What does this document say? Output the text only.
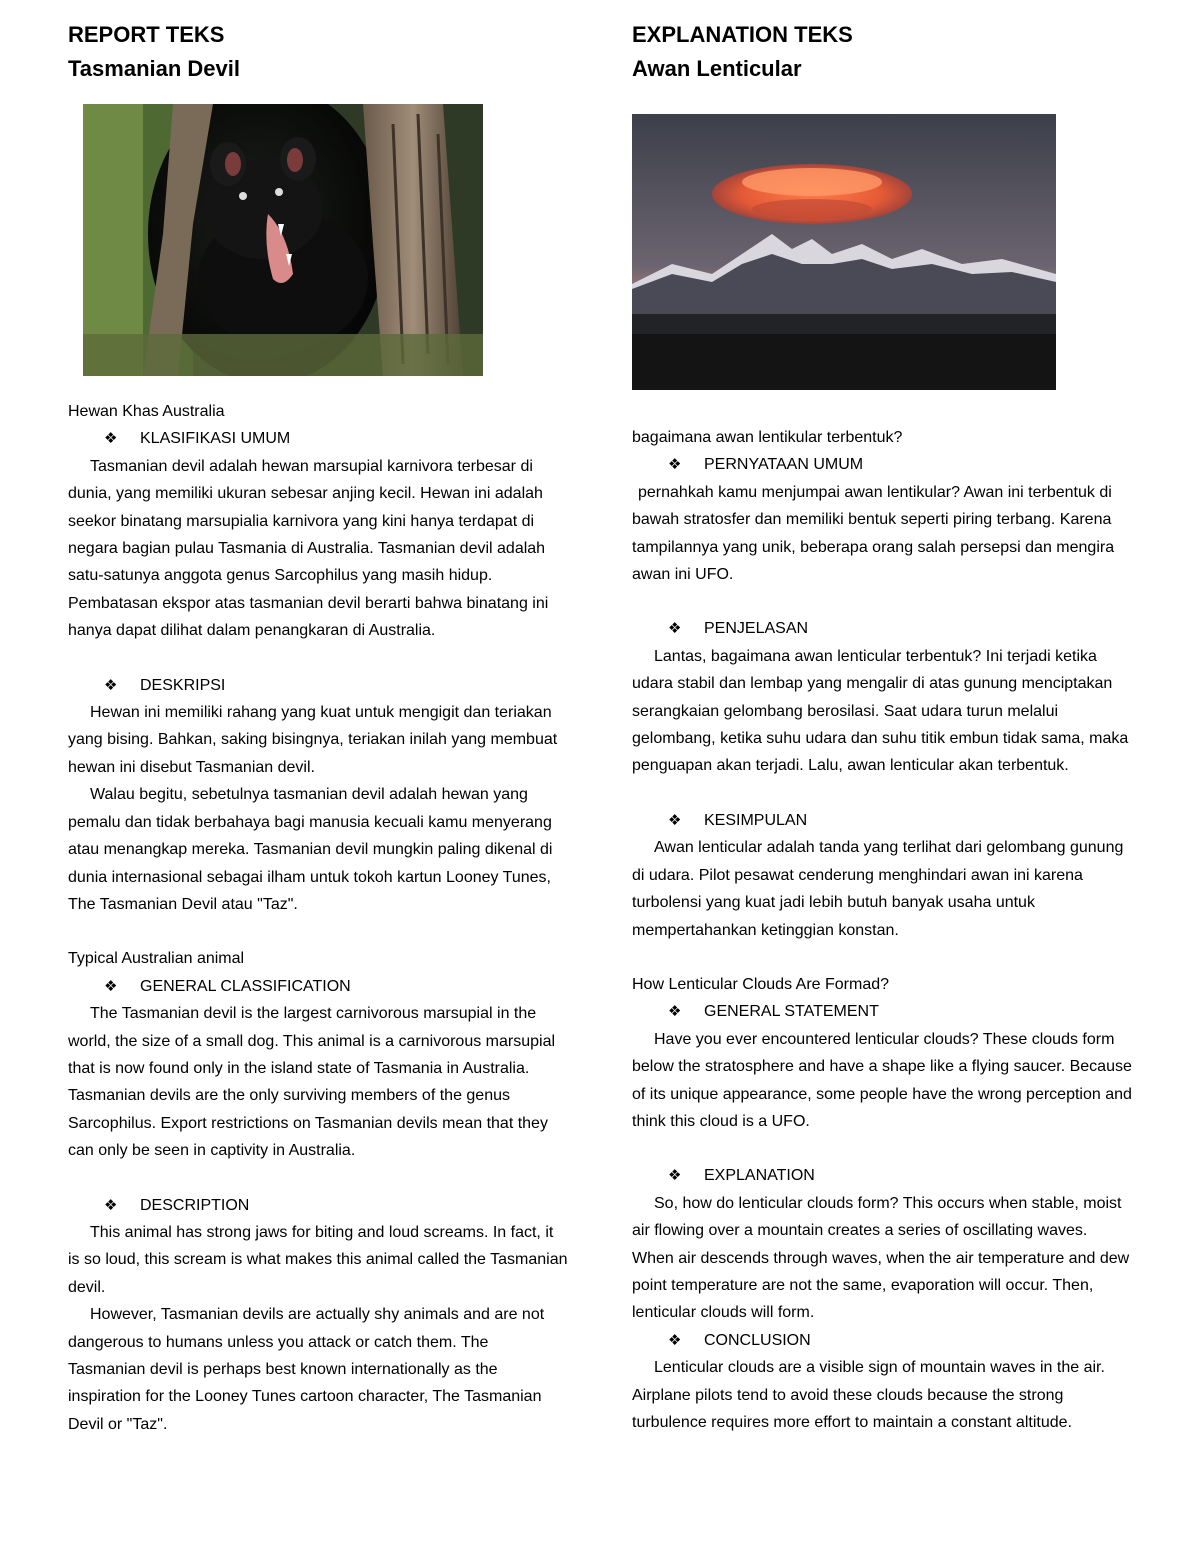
REPORT TEKS
Tasmanian Devil

Hewan Khas Australia

❖ KLASIFIKASI UMUM

Tasmanian devil adalah hewan marsupial karnivora terbesar di dunia, yang memiliki ukuran sebesar anjing kecil. Hewan ini adalah seekor binatang marsupialia karnivora yang kini hanya terdapat di negara bagian pulau Tasmania di Australia. Tasmanian devil adalah satu-satunya anggota genus Sarcophilus yang masih hidup. Pembatasan ekspor atas tasmanian devil berarti bahwa binatang ini hanya dapat dilihat dalam penangkaran di Australia.

❖ DESKRIPSI

Hewan ini memiliki rahang yang kuat untuk mengigit dan teriakan yang bising. Bahkan, saking bisingnya, teriakan inilah yang membuat hewan ini disebut Tasmanian devil.

Walau begitu, sebetulnya tasmanian devil adalah hewan yang pemalu dan tidak berbahaya bagi manusia kecuali kamu menyerang atau menangkap mereka. Tasmanian devil mungkin paling dikenal di dunia internasional sebagai ilham untuk tokoh kartun Looney Tunes, The Tasmanian Devil atau "Taz".

Typical Australian animal

❖ GENERAL CLASSIFICATION

The Tasmanian devil is the largest carnivorous marsupial in the world, the size of a small dog. This animal is a carnivorous marsupial that is now found only in the island state of Tasmania in Australia. Tasmanian devils are the only surviving members of the genus Sarcophilus. Export restrictions on Tasmanian devils mean that they can only be seen in captivity in Australia.

❖ DESCRIPTION

This animal has strong jaws for biting and loud screams. In fact, it is so loud, this scream is what makes this animal called the Tasmanian devil.

However, Tasmanian devils are actually shy animals and are not dangerous to humans unless you attack or catch them. The Tasmanian devil is perhaps best known internationally as the inspiration for the Looney Tunes cartoon character, The Tasmanian Devil or "Taz".

EXPLANATION TEKS
Awan Lenticular

bagaimana awan lentikular terbentuk?

❖ PERNYATAAN UMUM

pernahkah kamu menjumpai awan lentikular? Awan ini terbentuk di bawah stratosfer dan memiliki bentuk seperti piring terbang. Karena tampilannya yang unik, beberapa orang salah persepsi dan mengira awan ini UFO.

❖ PENJELASAN

Lantas, bagaimana awan lenticular terbentuk? Ini terjadi ketika udara stabil dan lembap yang mengalir di atas gunung menciptakan serangkaian gelombang berosilasi. Saat udara turun melalui gelombang, ketika suhu udara dan suhu titik embun tidak sama, maka penguapan akan terjadi. Lalu, awan lenticular akan terbentuk.

❖ KESIMPULAN

Awan lenticular adalah tanda yang terlihat dari gelombang gunung di udara. Pilot pesawat cenderung menghindari awan ini karena turbolensi yang kuat jadi lebih butuh banyak usaha untuk mempertahankan ketinggian konstan.

How Lenticular Clouds Are Formad?

❖ GENERAL STATEMENT

Have you ever encountered lenticular clouds? These clouds form below the stratosphere and have a shape like a flying saucer. Because of its unique appearance, some people have the wrong perception and think this cloud is a UFO.

❖ EXPLANATION

So, how do lenticular clouds form? This occurs when stable, moist air flowing over a mountain creates a series of oscillating waves. When air descends through waves, when the air temperature and dew point temperature are not the same, evaporation will occur. Then, lenticular clouds will form.

❖ CONCLUSION

Lenticular clouds are a visible sign of mountain waves in the air. Airplane pilots tend to avoid these clouds because the strong turbulence requires more effort to maintain a constant altitude.
